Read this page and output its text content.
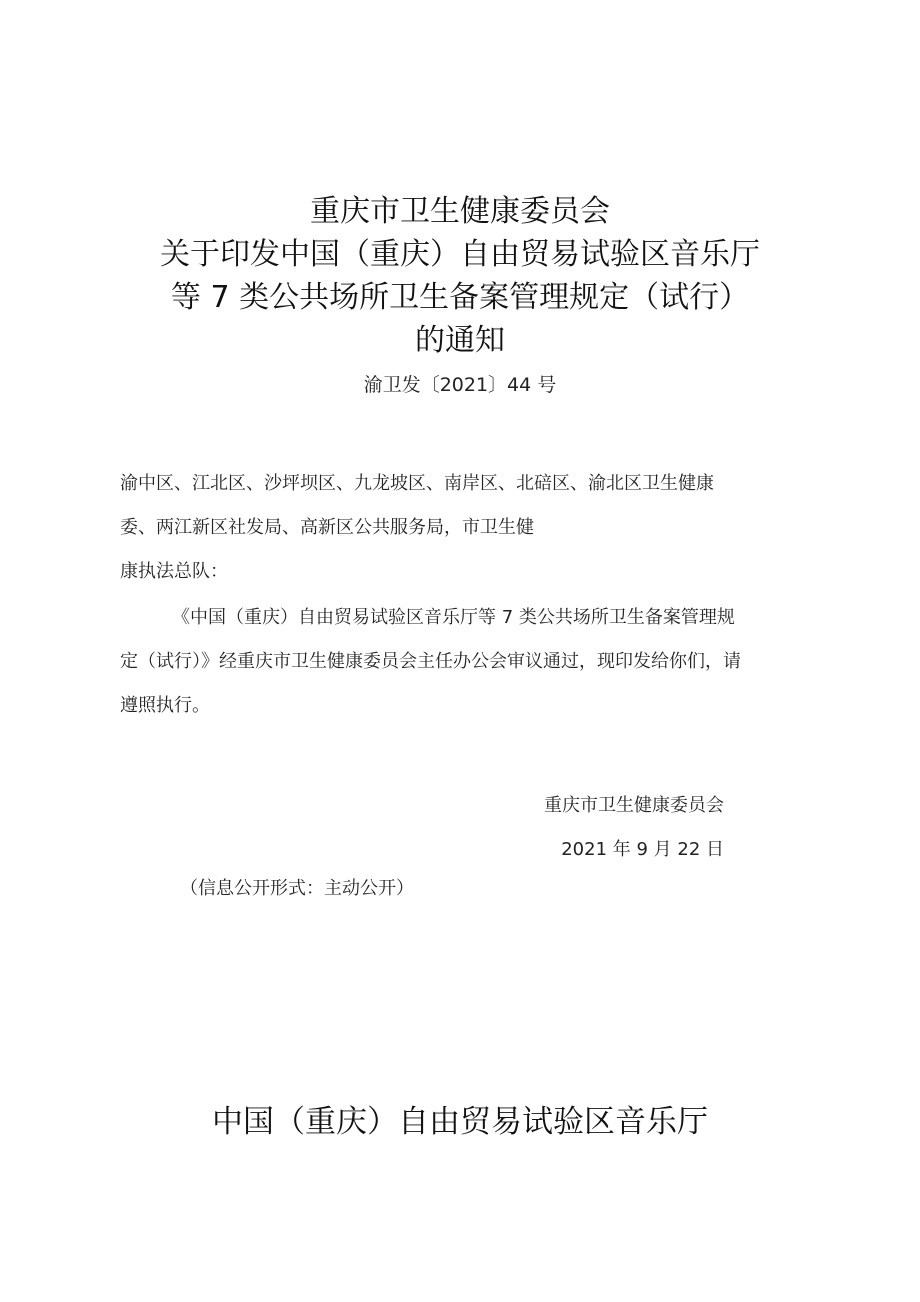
重庆市卫生健康委员会
关于印发中国（重庆）自由贸易试验区音乐厅
等 7 类公共场所卫生备案管理规定（试行）
的通知
渝卫发〔2021〕44 号
渝中区、江北区、沙坪坝区、九龙坡区、南岸区、北碚区、渝北区卫生健康
委、两江新区社发局、高新区公共服务局，市卫生健
康执法总队：
《中国（重庆）自由贸易试验区音乐厅等 7 类公共场所卫生备案管理规
定（试行）》经重庆市卫生健康委员会主任办公会审议通过，现印发给你们，请
遵照执行。
重庆市卫生健康委员会
2021 年 9 月 22 日
（信息公开形式：主动公开）
中国（重庆）自由贸易试验区音乐厅
